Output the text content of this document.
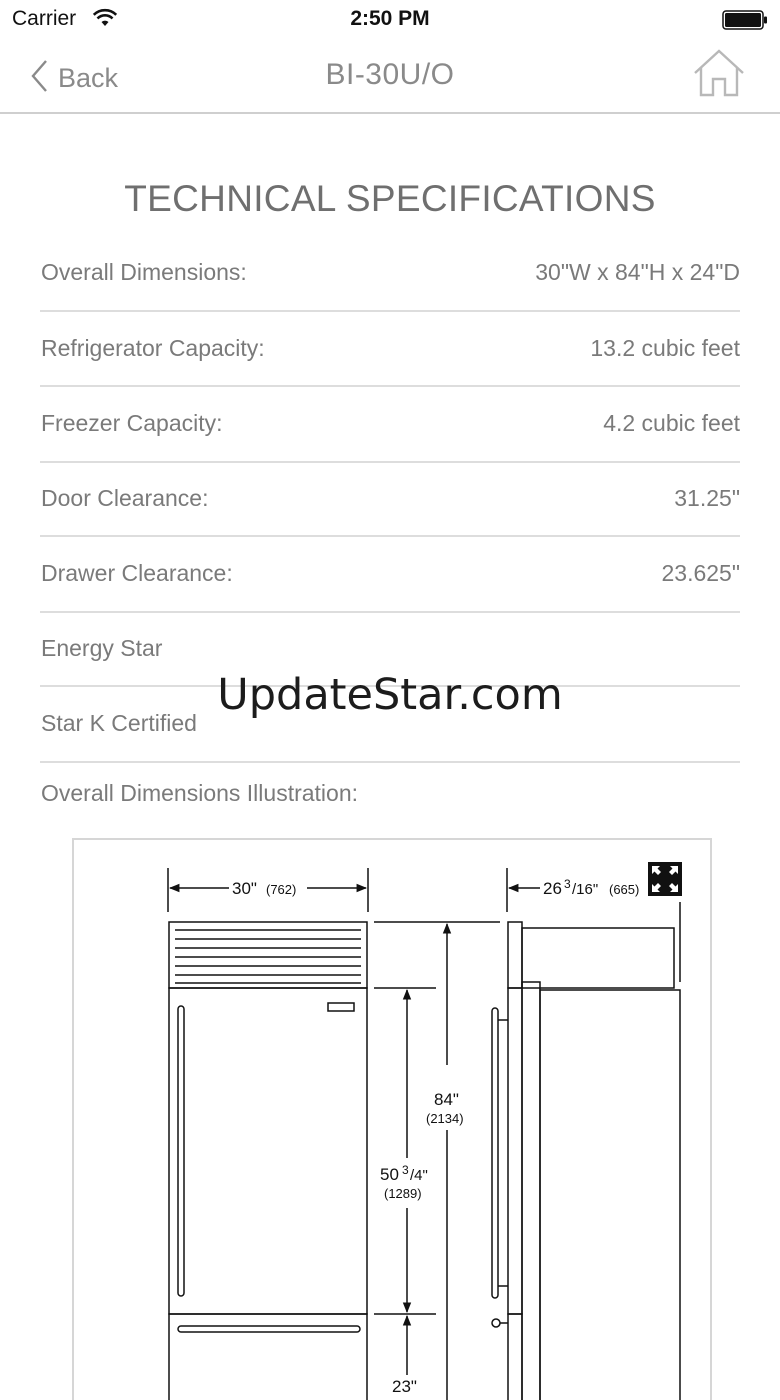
Carrier	2:50 PM
Back	BI-30U/O
TECHNICAL SPECIFICATIONS
Overall Dimensions:	30"W x 84"H x 24"D
Refrigerator Capacity:	13.2 cubic feet
Freezer Capacity:	4.2 cubic feet
Door Clearance:	31.25"
Drawer Clearance:	23.625"
Energy Star
Star K Certified
Overall Dimensions Illustration:
UpdateStar.com
30" (762)	26 3 /16" (665)
84"
(2134)
50 3 /4"
(1289)
23"
